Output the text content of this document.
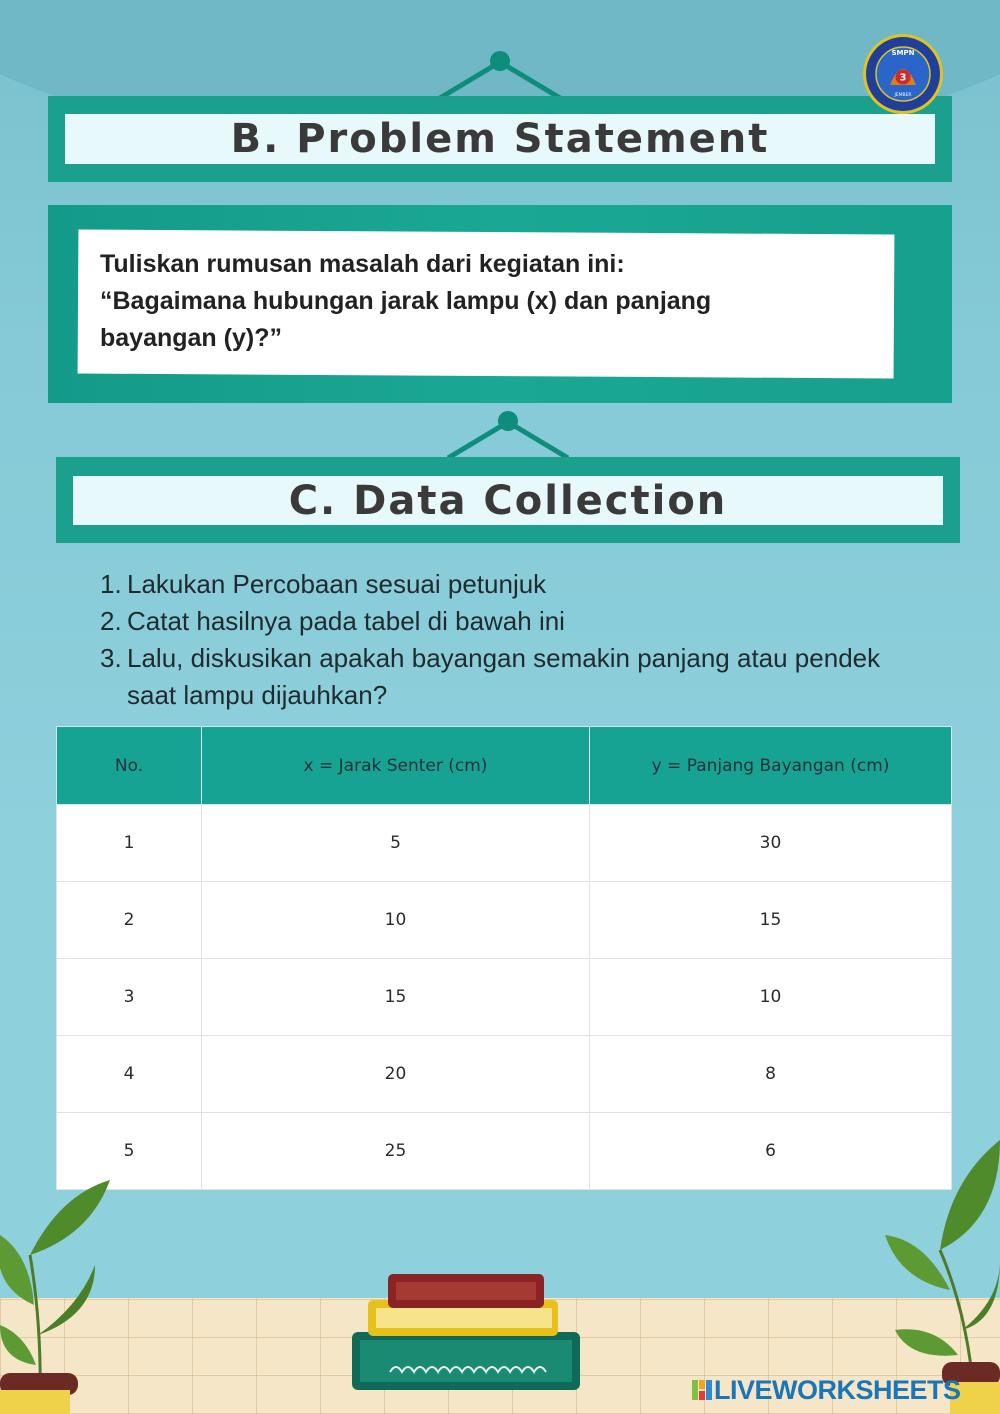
B. Problem Statement
Tuliskan rumusan masalah dari kegiatan ini:
“Bagaimana hubungan jarak lampu (x) dan panjang
bayangan (y)?”
C. Data Collection
1. Lakukan Percobaan sesuai petunjuk
2. Catat hasilnya pada tabel di bawah ini
3. Lalu, diskusikan apakah bayangan semakin panjang atau pendek
saat lampu dijauhkan?
No.	x = Jarak Senter (cm)	y = Panjang Bayangan (cm)
1	5	30
2	10	15
3	15	10
4	20	8
5	25	6
3
SMPN
JEMBER
LIVEWORKSHEETS
